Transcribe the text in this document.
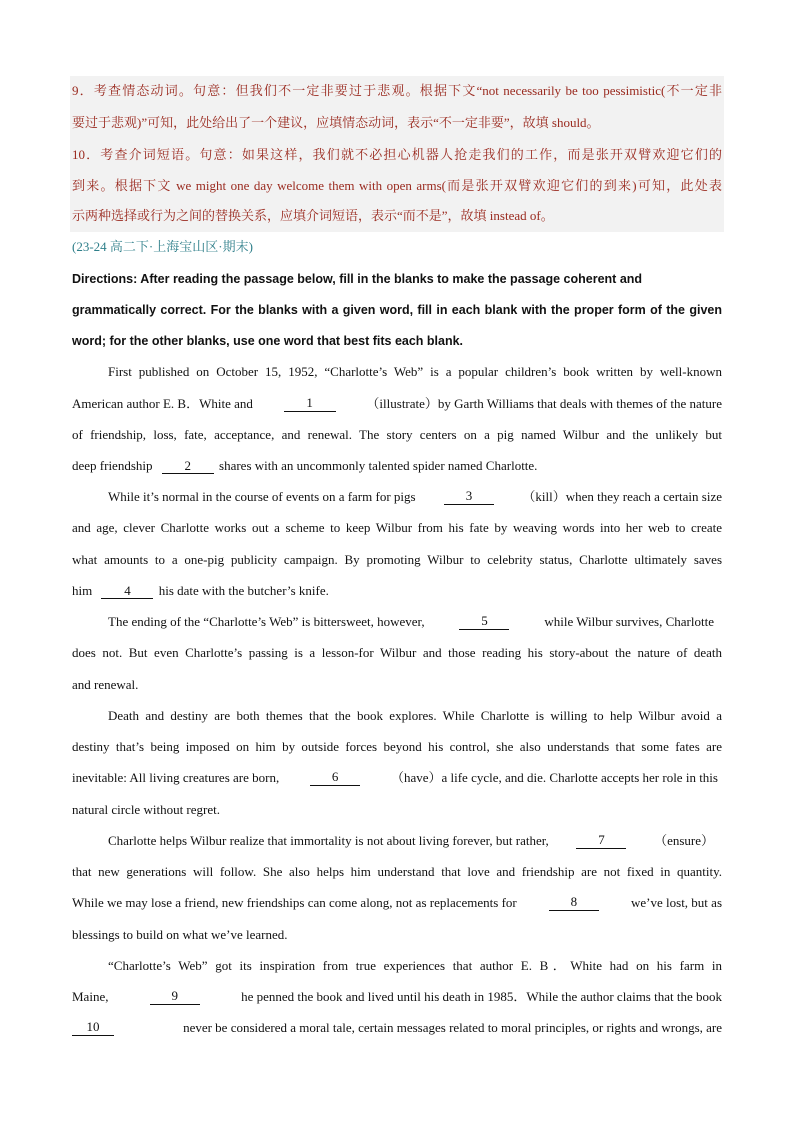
9．考查情态动词。句意：但我们不一定非要过于悲观。根据下文“not necessarily be too pessimistic(不一定非
要过于悲观)”可知，此处给出了一个建议，应填情态动词，表示“不一定非要”，故填 should。
10．考查介词短语。句意：如果这样，我们就不必担心机器人抢走我们的工作，而是张开双臂欢迎它们的
到来。根据下文 we might one day welcome them with open arms(而是张开双臂欢迎它们的到来)可知，此处表
示两种选择或行为之间的替换关系，应填介词短语，表示“而不是”，故填 instead of。
(23-24 高二下·上海宝山区·期末)
Directions: After reading the passage below, fill in the blanks to make the passage coherent and
grammatically correct. For the blanks with a given word, fill in each blank with the proper form of the given
word; for the other blanks, use one word that best fits each blank.
First published on October 15, 1952, “Charlotte’s Web” is a popular children’s book written by well-known
American author E. B．White and	1	（illustrate）by Garth Williams that deals with themes of the nature
of friendship, loss, fate, acceptance, and renewal. The story centers on a pig named Wilbur and the unlikely but
deep friendship 2 shares with an uncommonly talented spider named Charlotte.
While it’s normal in the course of events on a farm for pigs	3	（kill）when they reach a certain size
and age, clever Charlotte works out a scheme to keep Wilbur from his fate by weaving words into her web to create
what amounts to a one-pig publicity campaign. By promoting Wilbur to celebrity status, Charlotte ultimately saves
him 4 his date with the butcher’s knife.
The ending of the “Charlotte’s Web” is bittersweet, however,	5	while Wilbur survives, Charlotte
does not. But even Charlotte’s passing is a lesson-for Wilbur and those reading his story-about the nature of death
and renewal.
Death and destiny are both themes that the book explores. While Charlotte is willing to help Wilbur avoid a
destiny that’s being imposed on him by outside forces beyond his control, she also understands that some fates are
inevitable: All living creatures are born,	6	（have）a life cycle, and die. Charlotte accepts her role in this
natural circle without regret.
Charlotte helps Wilbur realize that immortality is not about living forever, but rather,	7	（ensure）
that new generations will follow. She also helps him understand that love and friendship are not fixed in quantity.
While we may lose a friend, new friendships can come along, not as replacements for	8	we’ve lost, but as
blessings to build on what we’ve learned.
“Charlotte’s Web” got its inspiration from true experiences that author E. B．White had on his farm in
Maine,	9	he penned the book and lived until his death in 1985．While the author claims that the book
10	never be considered a moral tale, certain messages related to moral principles, or rights and wrongs, are
